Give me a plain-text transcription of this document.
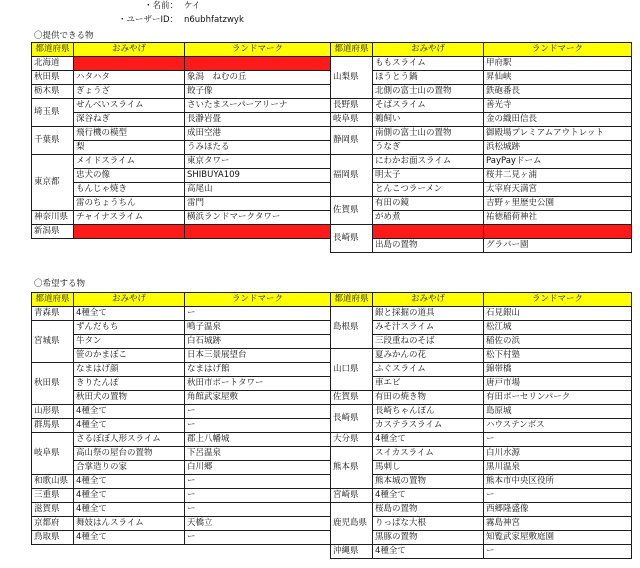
・名前： ケイ
・ユーザーID： n6ubhfatzwyk
〇提供できる物
都道府県	おみやげ	ランドマーク
北海道		
秋田県	ハタハタ	象潟　ねむの丘
栃木県	ぎょうざ	餃子像
埼玉県	せんべいスライム	さいたまスーパーアリーナ
	深谷ねぎ	長瀞岩畳
千葉県	飛行機の模型	成田空港
	梨	うみほたる
東京都	メイドスライム	東京タワー
	忠犬の像	SHIBUYA109
	もんじゃ焼き	高尾山
	雷のちょうちん	雷門
神奈川県	チャイナスライム	横浜ランドマークタワー
新潟県		
都道府県	おみやげ	ランドマーク
山梨県	ももスライム	甲府駅
	ほうとう鍋	昇仙峡
	北側の富士山の置物	鉄砲番長
長野県	そばスライム	善光寺
岐阜県	鵜飼い	金の織田信長
静岡県	南側の富士山の置物	御殿場プレミアムアウトレット
	うなぎ	浜松城跡
福岡県	にわかお面スライム	PayPayドーム
	明太子	桜井二見ヶ浦
	とんこつラーメン	太宰府天満宮
佐賀県	有田の鏡	吉野ヶ里歴史公園
	がめ煮	祐徳稲荷神社
長崎県		
	出島の置物	グラバー園
〇希望する物
都道府県	おみやげ	ランドマーク
青森県	4種全て	ー
宮城県	ずんだもち	鳴子温泉
	牛タン	白石城跡
	笹のかまぼこ	日本三景展望台
秋田県	なまはげ顔	なまはげ館
	きりたんぽ	秋田市ポートタワー
	秋田犬の置物	角館武家屋敷
山形県	4種全て	ー
群馬県	4種全て	ー
岐阜県	さるぼぼ人形スライム	郡上八幡城
	高山祭の屋台の置物	下呂温泉
	合掌造りの家	白川郷
和歌山県	4種全て	ー
三重県	4種全て	ー
滋賀県	4種全て	ー
京都府	舞妓はんスライム	天橋立
鳥取県	4種全て	ー
都道府県	おみやげ	ランドマーク
島根県	銀と採掘の道具	石見銀山
	みそ汁スライム	松江城
	三段重ねのそば	稲佐の浜
山口県	夏みかんの花	松下村塾
	ふぐスライム	錦帯橋
	車エビ	唐戸市場
佐賀県	有田の焼き物	有田ポーセリンパーク
長崎県	長崎ちゃんぽん	島原城
	カステラスライム	ハウステンボス
大分県	4種全て	ー
熊本県	スイカスライム	白川水源
	馬刺し	黒川温泉
	熊本城の置物	熊本市中央区役所
宮崎県	4種全て	ー
鹿児島県	桜島の置物	西郷隆盛像
	りっぱな大根	霧島神宮
	黒豚の置物	知覧武家屋敷庭園
沖縄県	4種全て	ー
